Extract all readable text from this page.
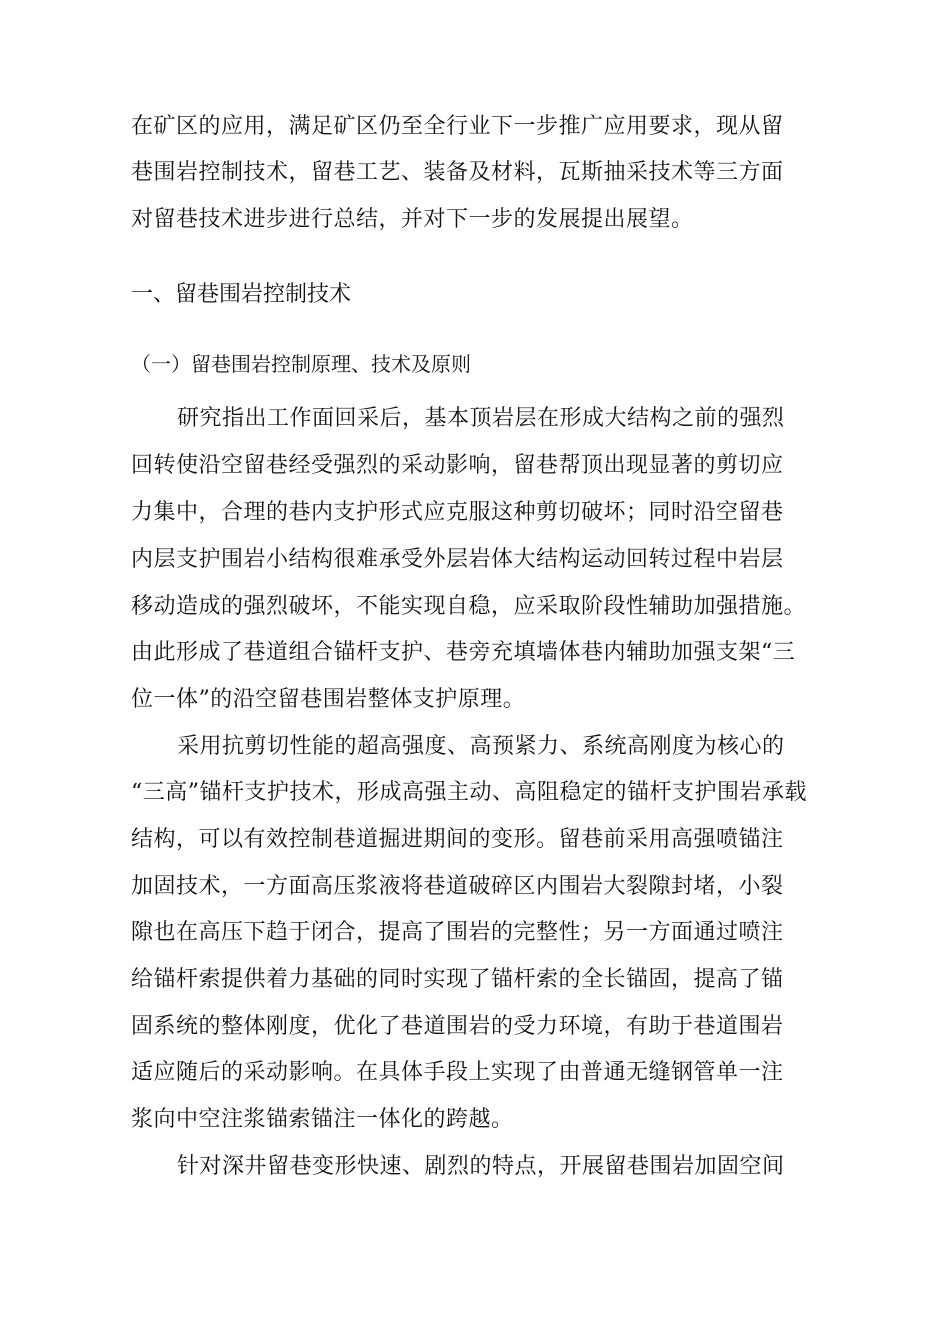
在矿区的应用，满足矿区仍至全行业下一步推广应用要求，现从留
巷围岩控制技术，留巷工艺、装备及材料，瓦斯抽采技术等三方面
对留巷技术进步进行总结，并对下一步的发展提出展望。
一、留巷围岩控制技术
（一）留巷围岩控制原理、技术及原则
研究指出工作面回采后，基本顶岩层在形成大结构之前的强烈
回转使沿空留巷经受强烈的采动影响，留巷帮顶出现显著的剪切应
力集中，合理的巷内支护形式应克服这种剪切破坏；同时沿空留巷
内层支护围岩小结构很难承受外层岩体大结构运动回转过程中岩层
移动造成的强烈破坏，不能实现自稳，应采取阶段性辅助加强措施。
由此形成了巷道组合锚杆支护、巷旁充填墙体巷内辅助加强支架“三
位一体”的沿空留巷围岩整体支护原理。
采用抗剪切性能的超高强度、高预紧力、系统高刚度为核心的
“三高”锚杆支护技术，形成高强主动、高阻稳定的锚杆支护围岩承载
结构，可以有效控制巷道掘进期间的变形。留巷前采用高强喷锚注
加固技术，一方面高压浆液将巷道破碎区内围岩大裂隙封堵，小裂
隙也在高压下趋于闭合，提高了围岩的完整性；另一方面通过喷注
给锚杆索提供着力基础的同时实现了锚杆索的全长锚固，提高了锚
固系统的整体刚度，优化了巷道围岩的受力环境，有助于巷道围岩
适应随后的采动影响。在具体手段上实现了由普通无缝钢管单一注
浆向中空注浆锚索锚注一体化的跨越。
针对深井留巷变形快速、剧烈的特点，开展留巷围岩加固空间
